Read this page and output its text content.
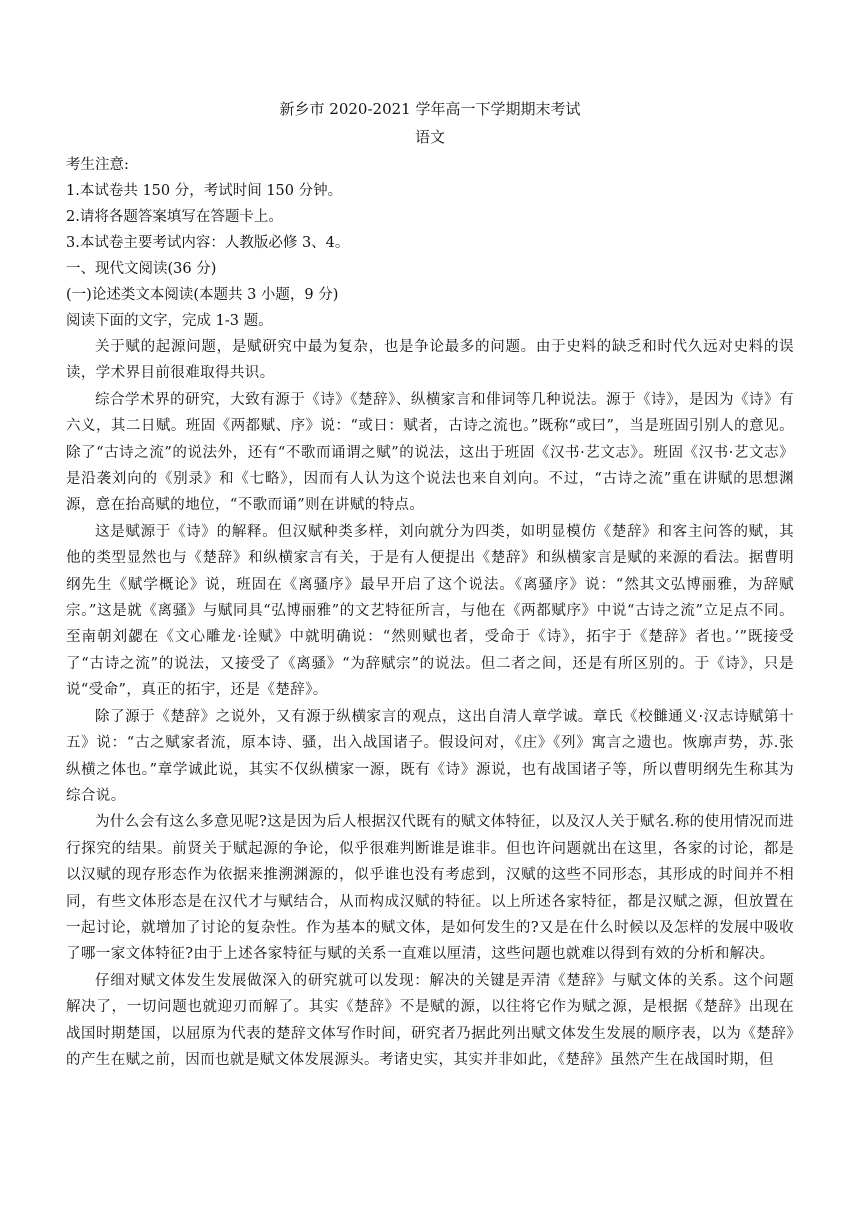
新乡市 2020-2021 学年高一下学期期末考试
语文

考生注意:

1.本试卷共 150 分，考试时间 150 分钟。

2.请将各题答案填写在答题卡上。

3.本试卷主要考试内容：人教版必修 3、4。

一、现代文阅读(36 分)

(一)论述类文本阅读(本题共 3 小题，9 分)

阅读下面的文字，完成 1-3 题。

关于赋的起源问题，是赋研究中最为复杂，也是争论最多的问题。由于史料的缺乏和时代久远对史料的误读，学术界目前很难取得共识。

综合学术界的研究，大致有源于《诗》《楚辞》、纵横家言和俳词等几种说法。源于《诗》，是因为《诗》有六义，其二日赋。班固《两都赋、序》说：“或日：赋者，古诗之流也。”既称“或曰”，当是班固引别人的意见。除了“古诗之流”的说法外，还有“不歌而诵谓之赋”的说法，这出于班固《汉书·艺文志》。班固《汉书·艺文志》是沿袭刘向的《别录》和《七略》，因而有人认为这个说法也来自刘向。不过，“古诗之流”重在讲赋的思想渊源，意在抬高赋的地位，“不歌而诵”则在讲赋的特点。

这是赋源于《诗》的解释。但汉赋种类多样，刘向就分为四类，如明显模仿《楚辞》和客主问答的赋，其他的类型显然也与《楚辞》和纵横家言有关，于是有人便提出《楚辞》和纵横家言是赋的来源的看法。据曹明纲先生《赋学概论》说，班固在《离骚序》最早开启了这个说法。《离骚序》说：“然其文弘博丽雅，为辞赋宗。”这是就《离骚》与赋同具“弘博丽雅”的文艺特征所言，与他在《两都赋序》中说“古诗之流”立足点不同。至南朝刘勰在《文心雕龙·诠赋》中就明确说：“然则赋也者，受命于《诗》，拓宇于《楚辞》者也。’”既接受了“古诗之流”的说法，又接受了《离骚》“为辞赋宗”的说法。但二者之间，还是有所区别的。于《诗》，只是说“受命”，真正的拓宇，还是《楚辞》。

除了源于《楚辞》之说外，又有源于纵横家言的观点，这出自清人章学诚。章氏《校雠通义·汉志诗赋第十五》说：“古之赋家者流，原本诗、骚，出入战国诸子。假设问对，《庄》《列》寓言之遗也。恢廓声势，苏.张纵横之体也。”章学诚此说，其实不仅纵横家一源，既有《诗》源说，也有战国诸子等，所以曹明纲先生称其为综合说。

为什么会有这么多意见呢?这是因为后人根据汉代既有的赋文体特征，以及汉人关于赋名.称的使用情况而进行探究的结果。前贤关于赋起源的争论，似乎很难判断谁是谁非。但也许问题就出在这里，各家的讨论，都是以汉赋的现存形态作为依据来推溯渊源的，似乎谁也没有考虑到，汉赋的这些不同形态，其形成的时间并不相同，有些文体形态是在汉代才与赋结合，从而构成汉赋的特征。以上所述各家特征，都是汉赋之源，但放置在一起讨论，就增加了讨论的复杂性。作为基本的赋文体，是如何发生的?又是在什么时候以及怎样的发展中吸收了哪一家文体特征?由于上述各家特征与赋的关系一直难以厘清，这些问题也就难以得到有效的分析和解决。

仔细对赋文体发生发展做深入的研究就可以发现：解决的关键是弄清《楚辞》与赋文体的关系。这个问题解决了，一切问题也就迎刃而解了。其实《楚辞》不是赋的源，以往将它作为赋之源，是根据《楚辞》出现在战国时期楚国，以屈原为代表的楚辞文体写作时间，研究者乃据此列出赋文体发生发展的顺序表，以为《楚辞》的产生在赋之前，因而也就是赋文体发展源头。考诸史实，其实并非如此，《楚辞》虽然产生在战国时期，但
